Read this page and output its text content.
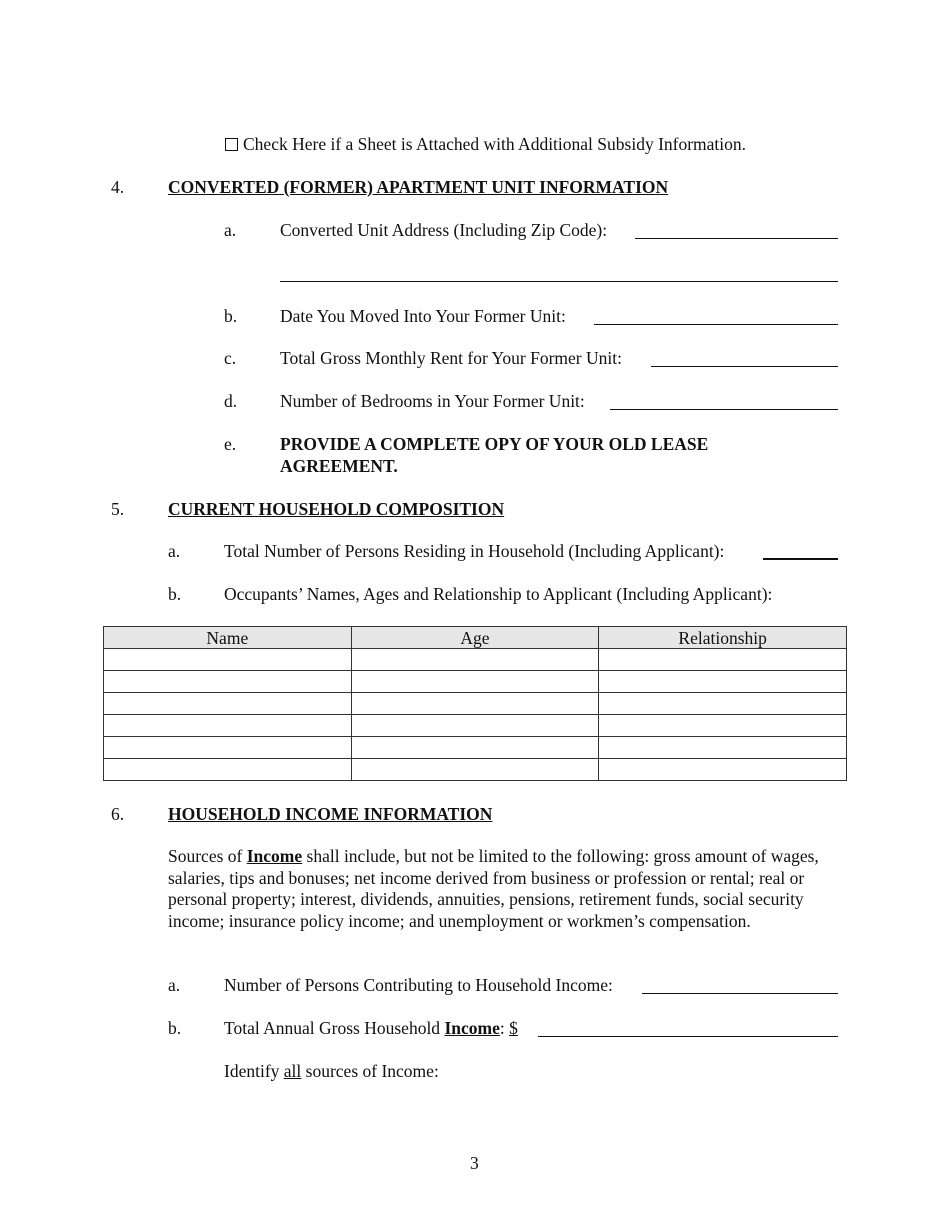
Check Here if a Sheet is Attached with Additional Subsidy Information.
4.	CONVERTED (FORMER) APARTMENT UNIT INFORMATION
a.	Converted Unit Address (Including Zip Code):
b. Date You Moved Into Your Former Unit:
c.	Total Gross Monthly Rent for Your Former Unit:
d. Number of Bedrooms in Your Former Unit:
e.	PROVIDE A COMPLETE OPY OF YOUR OLD LEASE
AGREEMENT.
5.	CURRENT HOUSEHOLD COMPOSITION
a.	Total Number of Persons Residing in Household (Including Applicant):
b. Occupants’ Names, Ages and Relationship to Applicant (Including Applicant):
Name	Age	Relationship

6.	HOUSEHOLD INCOME INFORMATION
Sources of Income shall include, but not be limited to the following: gross amount of wages, salaries, tips and bonuses; net income derived from business or profession or rental; real or personal property; interest, dividends, annuities, pensions, retirement funds, social security income; insurance policy income; and unemployment or workmen’s compensation.
a.	Number of Persons Contributing to Household Income:
b. Total Annual Gross Household Income: $
Identify all sources of Income:
3
